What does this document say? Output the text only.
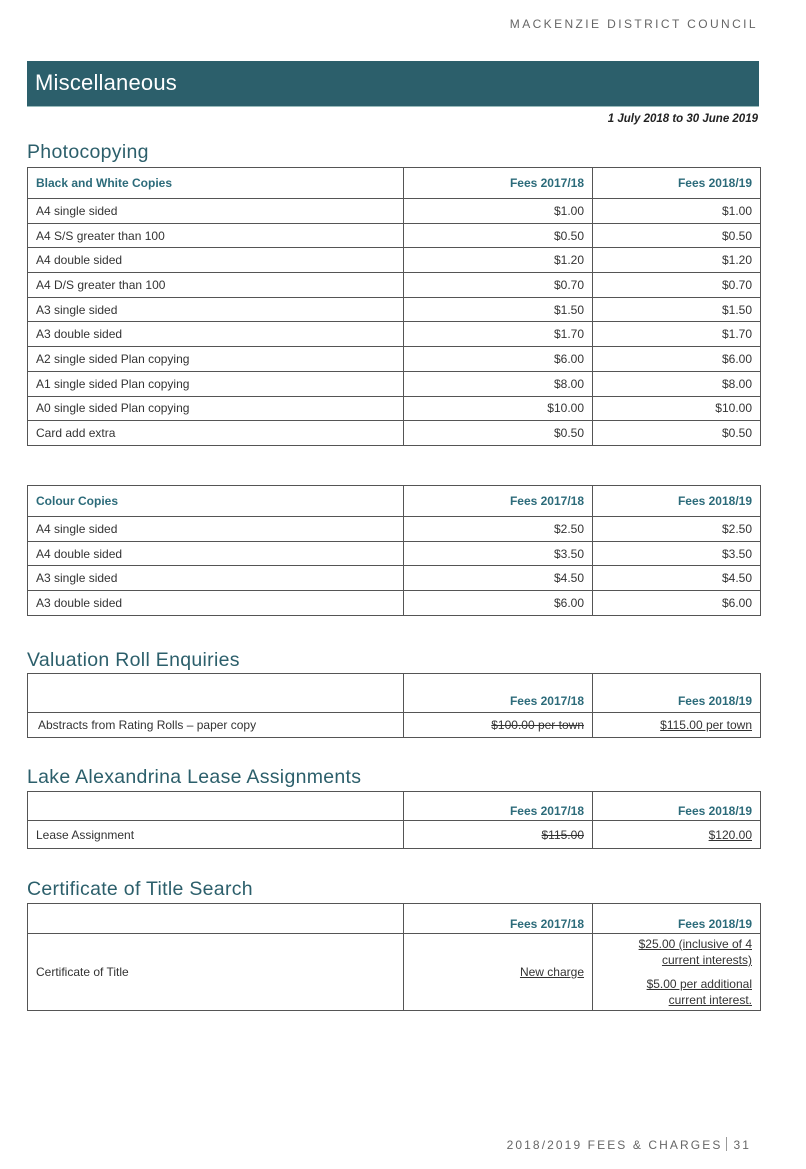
MACKENZIE DISTRICT COUNCIL
Miscellaneous
1 July 2018 to 30 June 2019
Photocopying
Black and White Copies	Fees 2017/18	Fees 2018/19
A4 single sided	$1.00	$1.00
A4 S/S greater than 100	$0.50	$0.50
A4 double sided	$1.20	$1.20
A4 D/S greater than 100	$0.70	$0.70
A3 single sided	$1.50	$1.50
A3 double sided	$1.70	$1.70
A2 single sided Plan copying	$6.00	$6.00
A1 single sided Plan copying	$8.00	$8.00
A0 single sided Plan copying	$10.00	$10.00
Card add extra	$0.50	$0.50
Colour Copies	Fees 2017/18	Fees 2018/19
A4 single sided	$2.50	$2.50
A4 double sided	$3.50	$3.50
A3 single sided	$4.50	$4.50
A3 double sided	$6.00	$6.00
Valuation Roll Enquiries
	Fees 2017/18	Fees 2018/19
Abstracts from Rating Rolls – paper copy	$100.00 per town	$115.00 per town
Lake Alexandrina Lease Assignments
	Fees 2017/18	Fees 2018/19
Lease Assignment	$115.00	$120.00
Certificate of Title Search
	Fees 2017/18	Fees 2018/19
Certificate of Title	New charge	$25.00 (inclusive of 4
current interests)
$5.00 per additional
current interest.
2018/2019 FEES & CHARGES 31
